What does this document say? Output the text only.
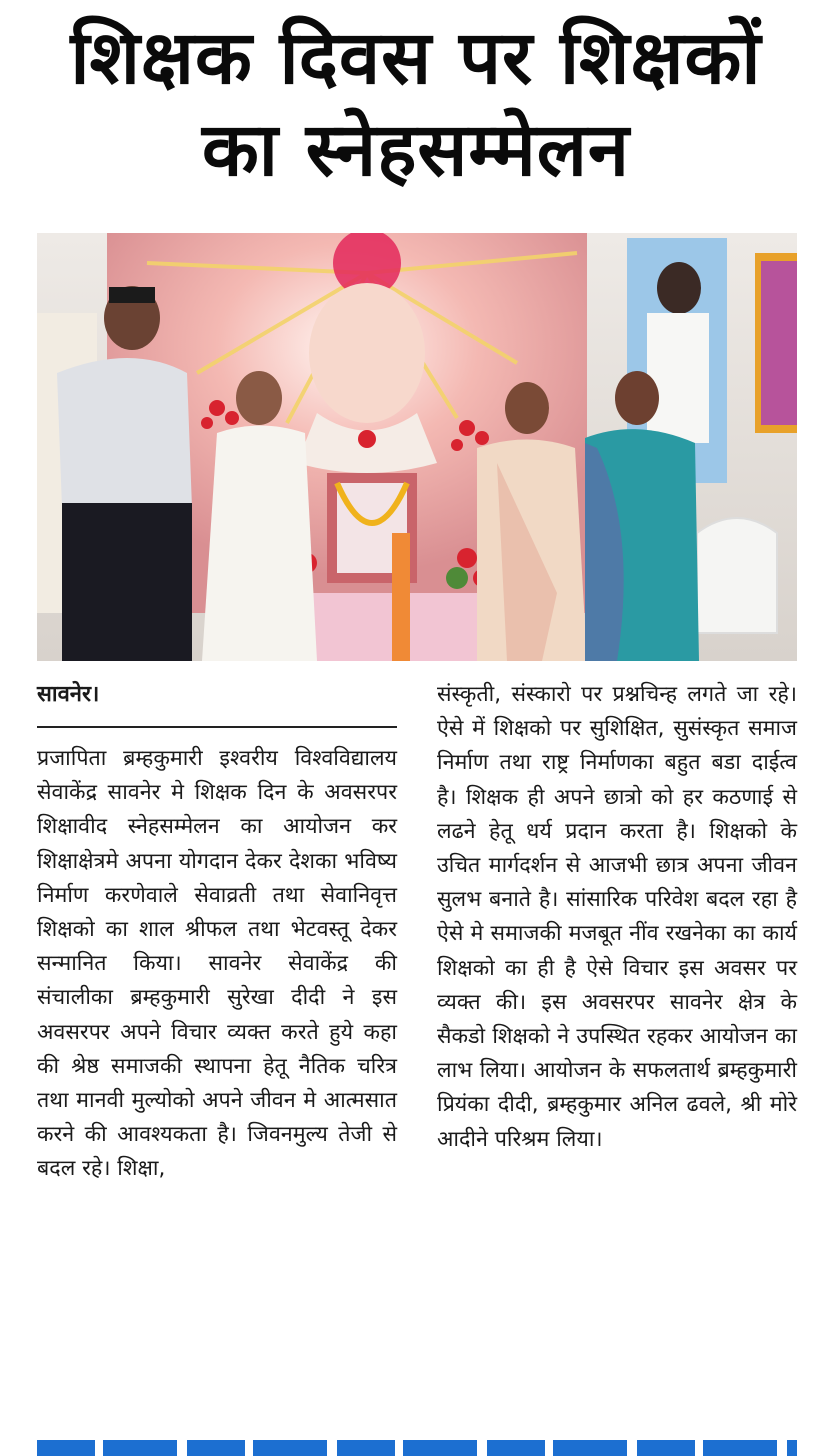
शिक्षक दिवस पर शिक्षकों
का स्नेहसम्मेलन
सावनेर।

प्रजापिता ब्रम्हकुमारी इश्वरीय विश्वविद्यालय सेवाकेंद्र सावनेर मे शिक्षक दिन के अवसरपर शिक्षावीद स्नेहसम्मेलन का आयोजन कर शिक्षाक्षेत्रमे अपना योगदान देकर देशका भविष्य निर्माण करणेवाले सेवाव्रती तथा सेवानिवृत्त शिक्षको का शाल श्रीफल तथा भेटवस्तू देकर सन्मानित किया। सावनेर सेवाकेंद्र की संचालीका ब्रम्हकुमारी सुरेखा दीदी ने इस अवसरपर अपने विचार व्यक्त करते हुये कहा की श्रेष्ठ समाजकी स्थापना हेतू नैतिक चरित्र तथा मानवी मुल्योको अपने जीवन मे आत्मसात करने की आवश्यकता है। जिवनमुल्य तेजी से बदल रहे। शिक्षा,

संस्कृती, संस्कारो पर प्रश्नचिन्ह लगते जा रहे। ऐसे में शिक्षको पर सुशिक्षित, सुसंस्कृत समाज निर्माण तथा राष्ट्र निर्माणका बहुत बडा दाईत्व है। शिक्षक ही अपने छात्रो को हर कठणाई से लढने हेतू धर्य प्रदान करता है। शिक्षको के उचित मार्गदर्शन से आजभी छात्र अपना जीवन सुलभ बनाते है। सांसारिक परिवेश बदल रहा है ऐसे मे समाजकी मजबूत नींव रखनेका का कार्य शिक्षको का ही है ऐसे विचार इस अवसर पर व्यक्त की। इस अवसरपर सावनेर क्षेत्र के सैकडो शिक्षको ने उपस्थित रहकर आयोजन का लाभ लिया। आयोजन के सफलतार्थ ब्रम्हकुमारी प्रियंका दीदी, ब्रम्हकुमार अनिल ढवले, श्री मोरे आदीने परिश्रम लिया।
